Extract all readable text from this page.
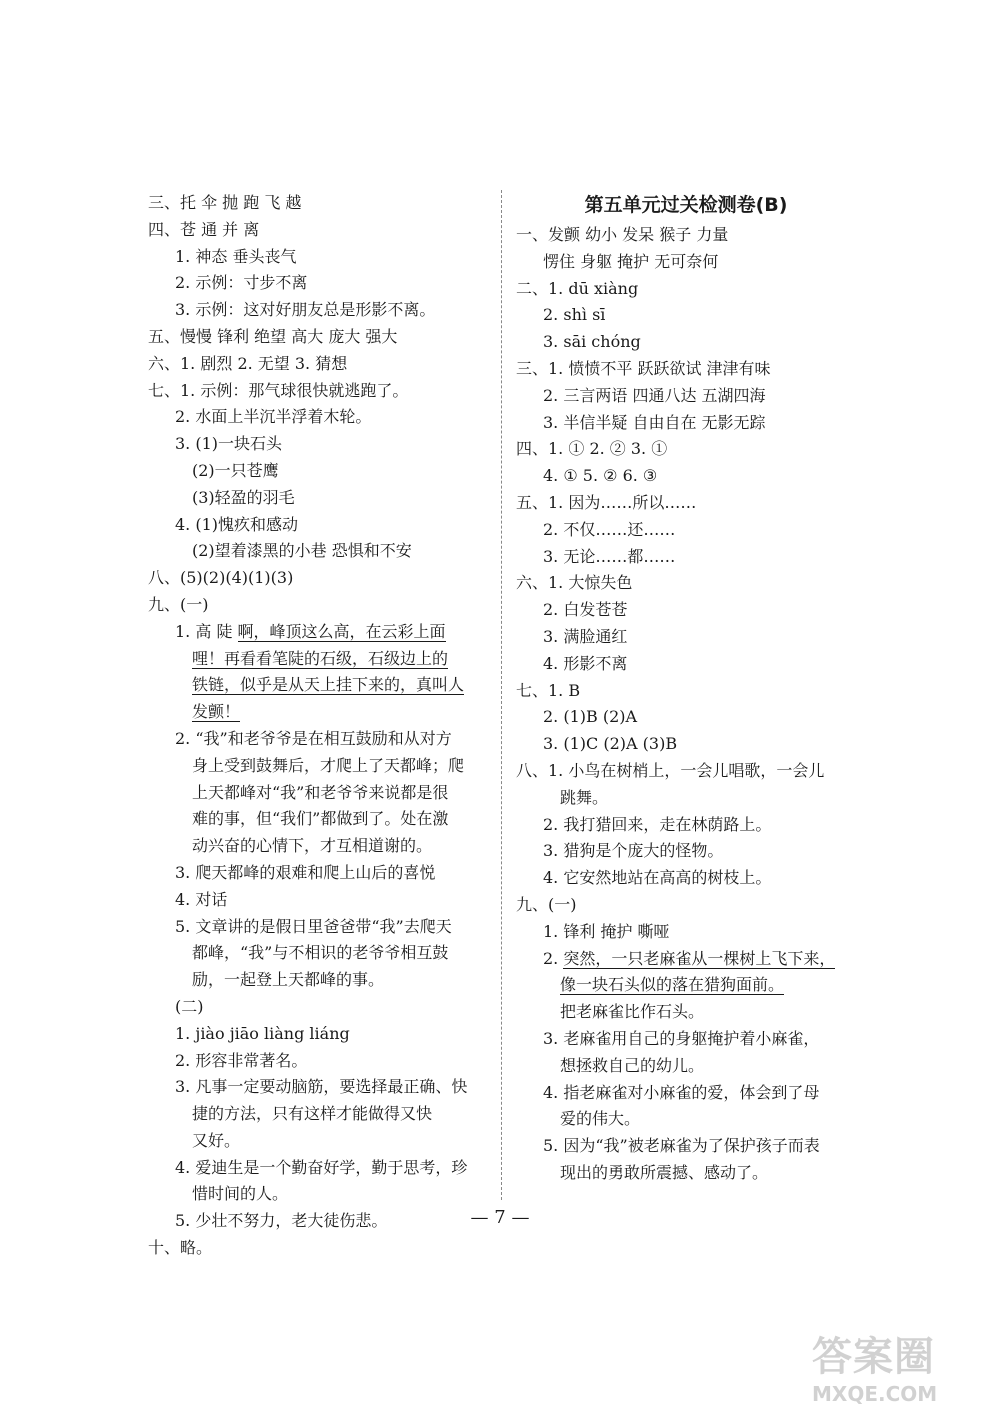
三、托 伞 抛 跑 飞 越
四、苍 通 并 离
1. 神态 垂头丧气
2. 示例：寸步不离
3. 示例：这对好朋友总是形影不离。
五、慢慢 锋利 绝望 高大 庞大 强大
六、1. 剧烈 2. 无望 3. 猜想
七、1. 示例：那气球很快就逃跑了。
2. 水面上半沉半浮着木轮。
3. (1)一块石头
(2)一只苍鹰
(3)轻盈的羽毛
4. (1)愧疚和感动
(2)望着漆黑的小巷 恐惧和不安
八、(5)(2)(4)(1)(3)
九、(一)
1. 高 陡 啊，峰顶这么高，在云彩上面
哩！再看看笔陡的石级，石级边上的
铁链，似乎是从天上挂下来的，真叫人
发颤！
2. “我”和老爷爷是在相互鼓励和从对方
身上受到鼓舞后，才爬上了天都峰；爬
上天都峰对“我”和老爷爷来说都是很
难的事，但“我们”都做到了。处在激
动兴奋的心情下，才互相道谢的。
3. 爬天都峰的艰难和爬上山后的喜悦
4. 对话
5. 文章讲的是假日里爸爸带“我”去爬天
都峰，“我”与不相识的老爷爷相互鼓
励，一起登上天都峰的事。
(二)
1. jiào jiāo liàng liáng
2. 形容非常著名。
3. 凡事一定要动脑筋，要选择最正确、快
捷的方法，只有这样才能做得又快
又好。
4. 爱迪生是一个勤奋好学，勤于思考，珍
惜时间的人。
5. 少壮不努力，老大徒伤悲。
十、略。
第五单元过关检测卷(B)
一、发颤 幼小 发呆 猴子 力量
愣住 身躯 掩护 无可奈何
二、1. dū xiàng
2. shì sī
3. sāi chóng
三、1. 愤愤不平 跃跃欲试 津津有味
2. 三言两语 四通八达 五湖四海
3. 半信半疑 自由自在 无影无踪
四、1. ① 2. ② 3. ①
4. ① 5. ② 6. ③
五、1. 因为……所以……
2. 不仅……还……
3. 无论……都……
六、1. 大惊失色
2. 白发苍苍
3. 满脸通红
4. 形影不离
七、1. B
2. (1)B (2)A
3. (1)C (2)A (3)B
八、1. 小鸟在树梢上，一会儿唱歌，一会儿
跳舞。
2. 我打猎回来，走在林荫路上。
3. 猎狗是个庞大的怪物。
4. 它安然地站在高高的树枝上。
九、(一)
1. 锋利 掩护 嘶哑
2. 突然，一只老麻雀从一棵树上飞下来，
像一块石头似的落在猎狗面前。
把老麻雀比作石头。
3. 老麻雀用自己的身躯掩护着小麻雀，
想拯救自己的幼儿。
4. 指老麻雀对小麻雀的爱，体会到了母
爱的伟大。
5. 因为“我”被老麻雀为了保护孩子而表
现出的勇敢所震撼、感动了。
— 7 —
答案圈
MXQE.COM
